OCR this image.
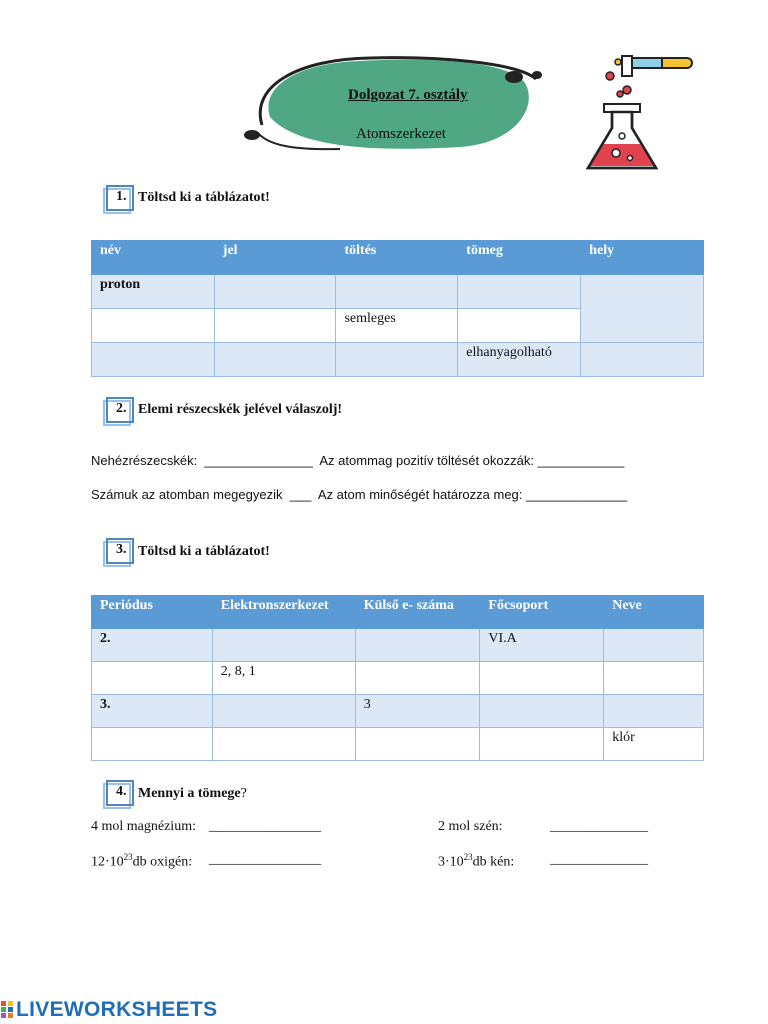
Dolgozat 7. osztály
Atomszerkezet
1. Töltsd ki a táblázatot!
név	jel	töltés	tömeg	hely
proton				
		semleges		
			elhanyagolható	
2. Elemi részecskék jelével válaszolj!
Nehézrészecskék:  _______________  Az atommag pozitív töltését okozzák: ____________
Számuk az atomban megegyezik  ___  Az atom minőségét határozza meg: ______________
3. Töltsd ki a táblázatot!
Periódus	Elektronszerkezet	Külső e- száma	Főcsoport	Neve
2.			VI.A	
	2, 8, 1			
3.		3		
				klór
4. Mennyi a tömege?
4 mol magnézium: ________________	2 mol szén:	______________
$12\cdot 10^{23}db$ oxigén: ________________	$3\cdot 10^{23}db$ kén:	______________
LIVEWORKSHEETS
